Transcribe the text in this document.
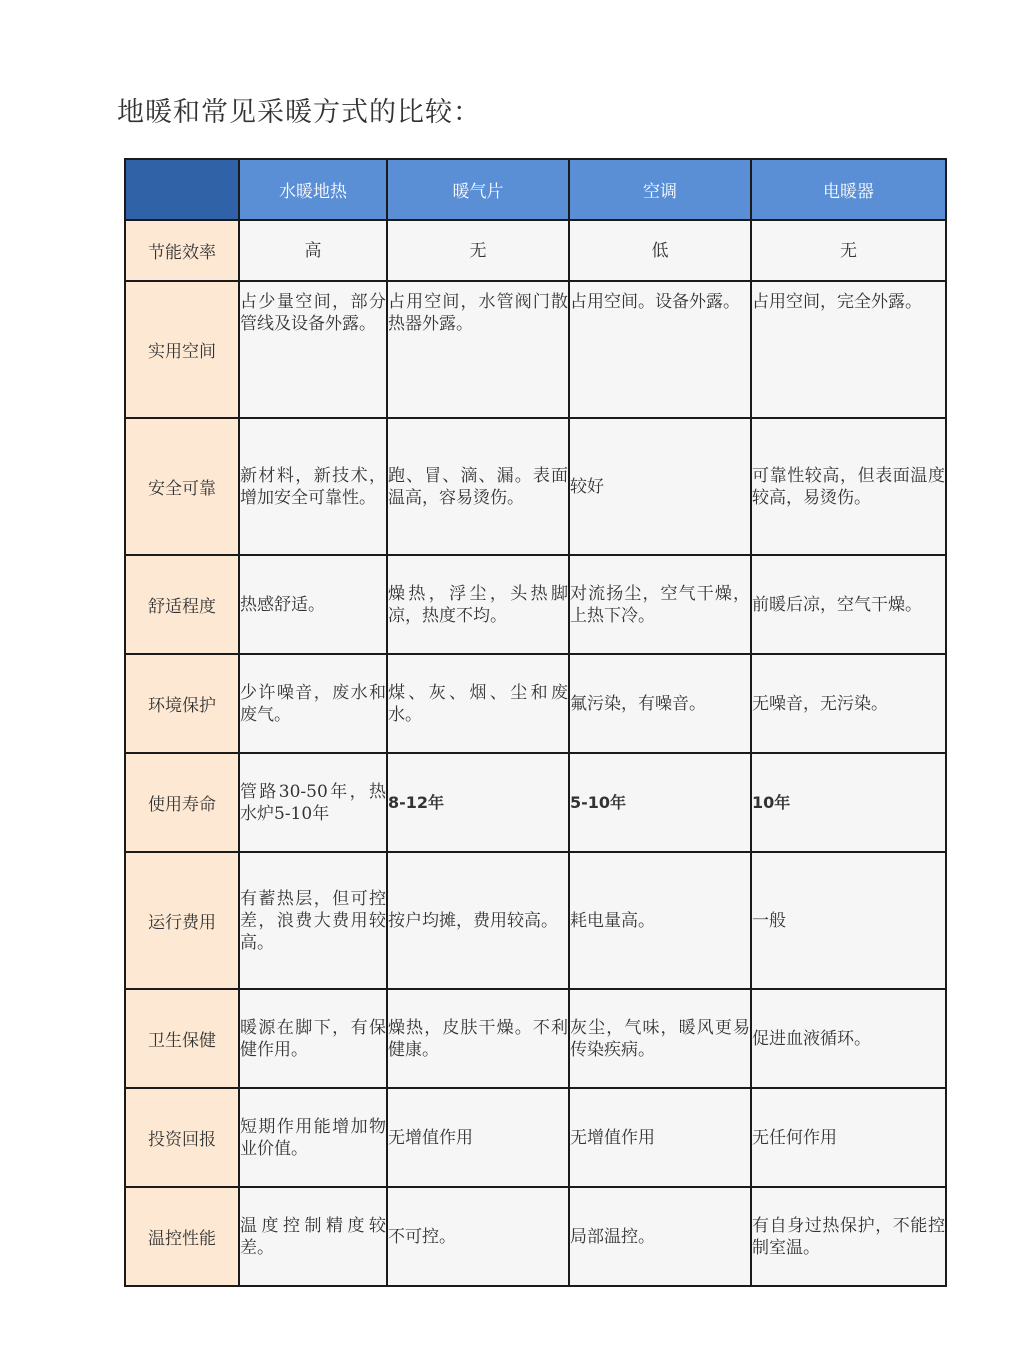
地暖和常见采暖方式的比较：
	水暖地热	暖气片	空调	电暖器
节能效率	高	无	低	无
实用空间	占少量空间，部分管线及设备外露。	占用空间，水管阀门散热器外露。	占用空间。设备外露。	占用空间，完全外露。
安全可靠	新材料，新技术，增加安全可靠性。	跑、冒、滴、漏。表面温高，容易烫伤。	较好	可靠性较高，但表面温度较高，易烫伤。
舒适程度	热感舒适。	燥热，浮尘，头热脚凉，热度不均。	对流扬尘，空气干燥，上热下冷。	前暖后凉，空气干燥。
环境保护	少许噪音，废水和废气。	煤、灰、烟、尘和废水。	氟污染，有噪音。	无噪音，无污染。
使用寿命	管路30-50年，热水炉5-10年	8-12年	5-10年	10年
运行费用	有蓄热层，但可控差，浪费大费用较高。	按户均摊，费用较高。	耗电量高。	一般
卫生保健	暖源在脚下，有保健作用。	燥热，皮肤干燥。不利健康。	灰尘，气味，暖风更易传染疾病。	促进血液循环。
投资回报	短期作用能增加物业价值。	无增值作用	无增值作用	无任何作用
温控性能	温度控制精度较差。	不可控。	局部温控。	有自身过热保护，不能控制室温。
